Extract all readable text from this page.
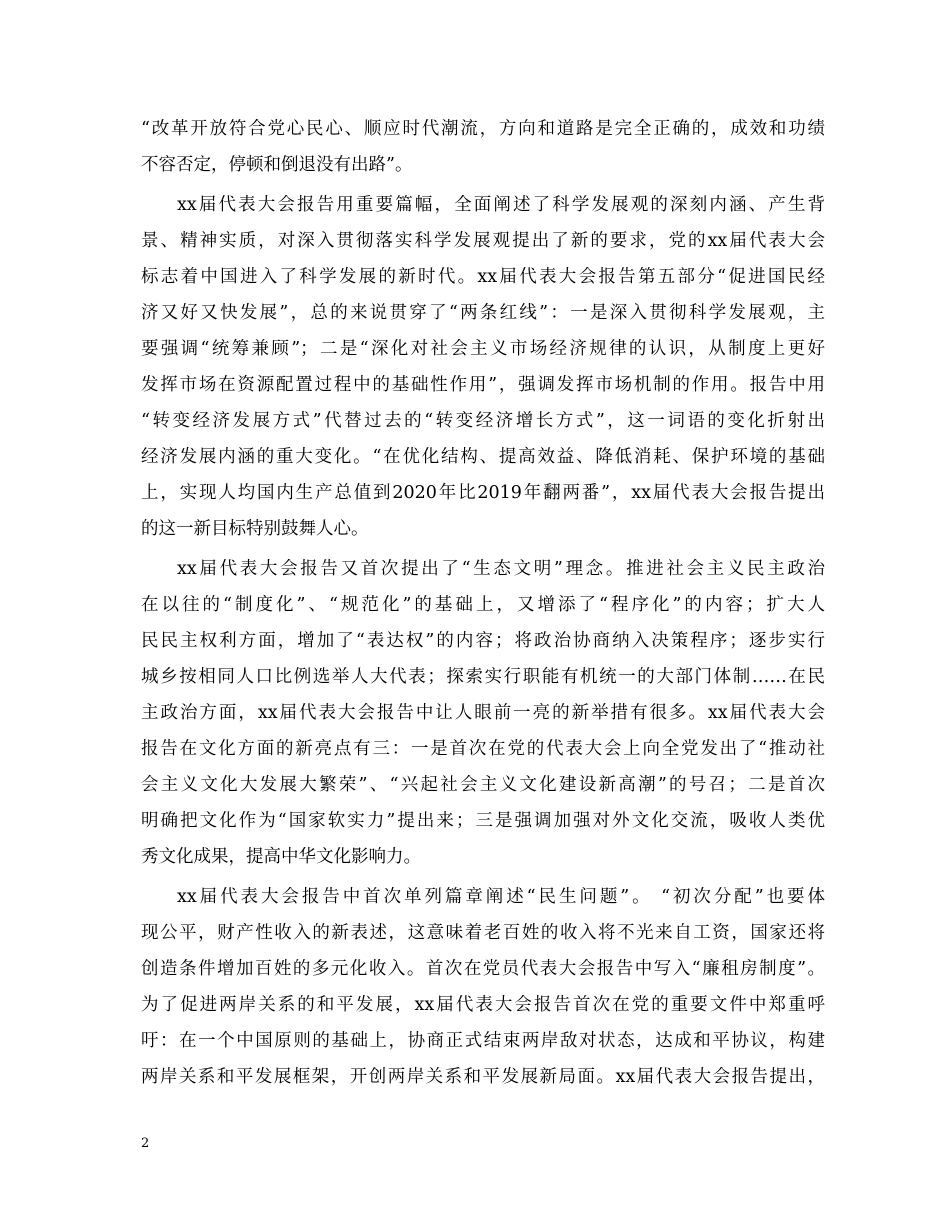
“改革开放符合党心民心、顺应时代潮流，方向和道路是完全正确的，成效和功绩
不容否定，停顿和倒退没有出路”。
xx届代表大会报告用重要篇幅，全面阐述了科学发展观的深刻内涵、产生背
景、精神实质，对深入贯彻落实科学发展观提出了新的要求，党的xx届代表大会
标志着中国进入了科学发展的新时代。xx届代表大会报告第五部分“促进国民经
济又好又快发展”，总的来说贯穿了“两条红线”：一是深入贯彻科学发展观，主
要强调“统筹兼顾”；二是“深化对社会主义市场经济规律的认识，从制度上更好
发挥市场在资源配置过程中的基础性作用”，强调发挥市场机制的作用。报告中用
“转变经济发展方式”代替过去的“转变经济增长方式”，这一词语的变化折射出
经济发展内涵的重大变化。“在优化结构、提高效益、降低消耗、保护环境的基础
上，实现人均国内生产总值到2020年比2019年翻两番”，xx届代表大会报告提出
的这一新目标特别鼓舞人心。
xx届代表大会报告又首次提出了“生态文明”理念。推进社会主义民主政治
在以往的“制度化”、“规范化”的基础上，又增添了“程序化”的内容；扩大人
民民主权利方面，增加了“表达权”的内容；将政治协商纳入决策程序；逐步实行
城乡按相同人口比例选举人大代表；探索实行职能有机统一的大部门体制……在民
主政治方面，xx届代表大会报告中让人眼前一亮的新举措有很多。xx届代表大会
报告在文化方面的新亮点有三：一是首次在党的代表大会上向全党发出了“推动社
会主义文化大发展大繁荣”、“兴起社会主义文化建设新高潮”的号召；二是首次
明确把文化作为“国家软实力”提出来；三是强调加强对外文化交流，吸收人类优
秀文化成果，提高中华文化影响力。
xx届代表大会报告中首次单列篇章阐述“民生问题”。 “初次分配”也要体
现公平，财产性收入的新表述，这意味着老百姓的收入将不光来自工资，国家还将
创造条件增加百姓的多元化收入。首次在党员代表大会报告中写入“廉租房制度”。
为了促进两岸关系的和平发展，xx届代表大会报告首次在党的重要文件中郑重呼
吁：在一个中国原则的基础上，协商正式结束两岸敌对状态，达成和平协议，构建
两岸关系和平发展框架，开创两岸关系和平发展新局面。xx届代表大会报告提出，
2
